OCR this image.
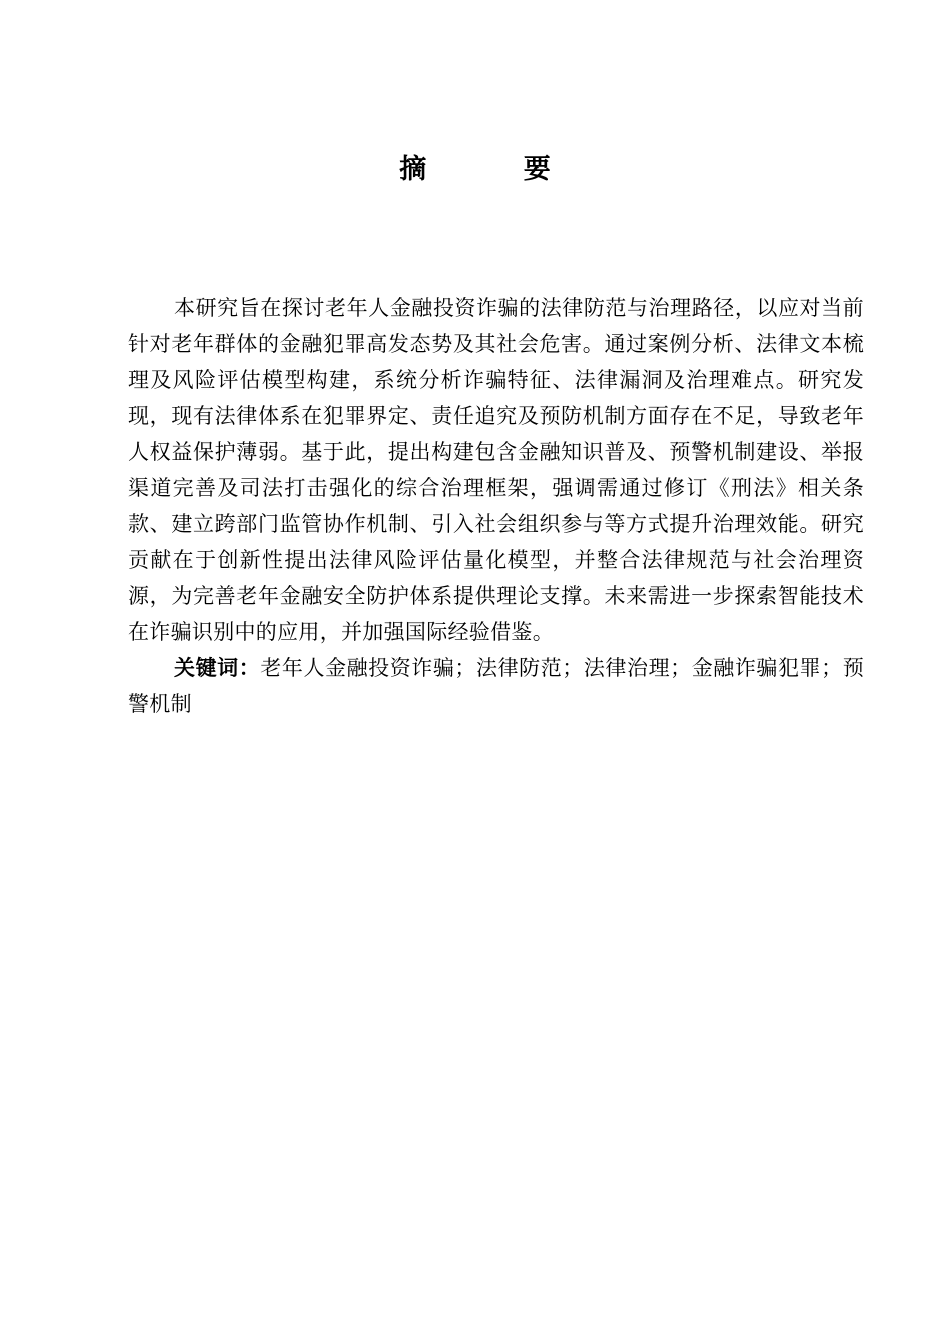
摘 要

本研究旨在探讨老年人金融投资诈骗的法律防范与治理路径，以应对当前针对老年群体的金融犯罪高发态势及其社会危害。通过案例分析、法律文本梳理及风险评估模型构建，系统分析诈骗特征、法律漏洞及治理难点。研究发现，现有法律体系在犯罪界定、责任追究及预防机制方面存在不足，导致老年人权益保护薄弱。基于此，提出构建包含金融知识普及、预警机制建设、举报渠道完善及司法打击强化的综合治理框架，强调需通过修订《刑法》相关条款、建立跨部门监管协作机制、引入社会组织参与等方式提升治理效能。研究贡献在于创新性提出法律风险评估量化模型，并整合法律规范与社会治理资源，为完善老年金融安全防护体系提供理论支撑。未来需进一步探索智能技术在诈骗识别中的应用，并加强国际经验借鉴。

关键词：老年人金融投资诈骗；法律防范；法律治理；金融诈骗犯罪；预警机制
